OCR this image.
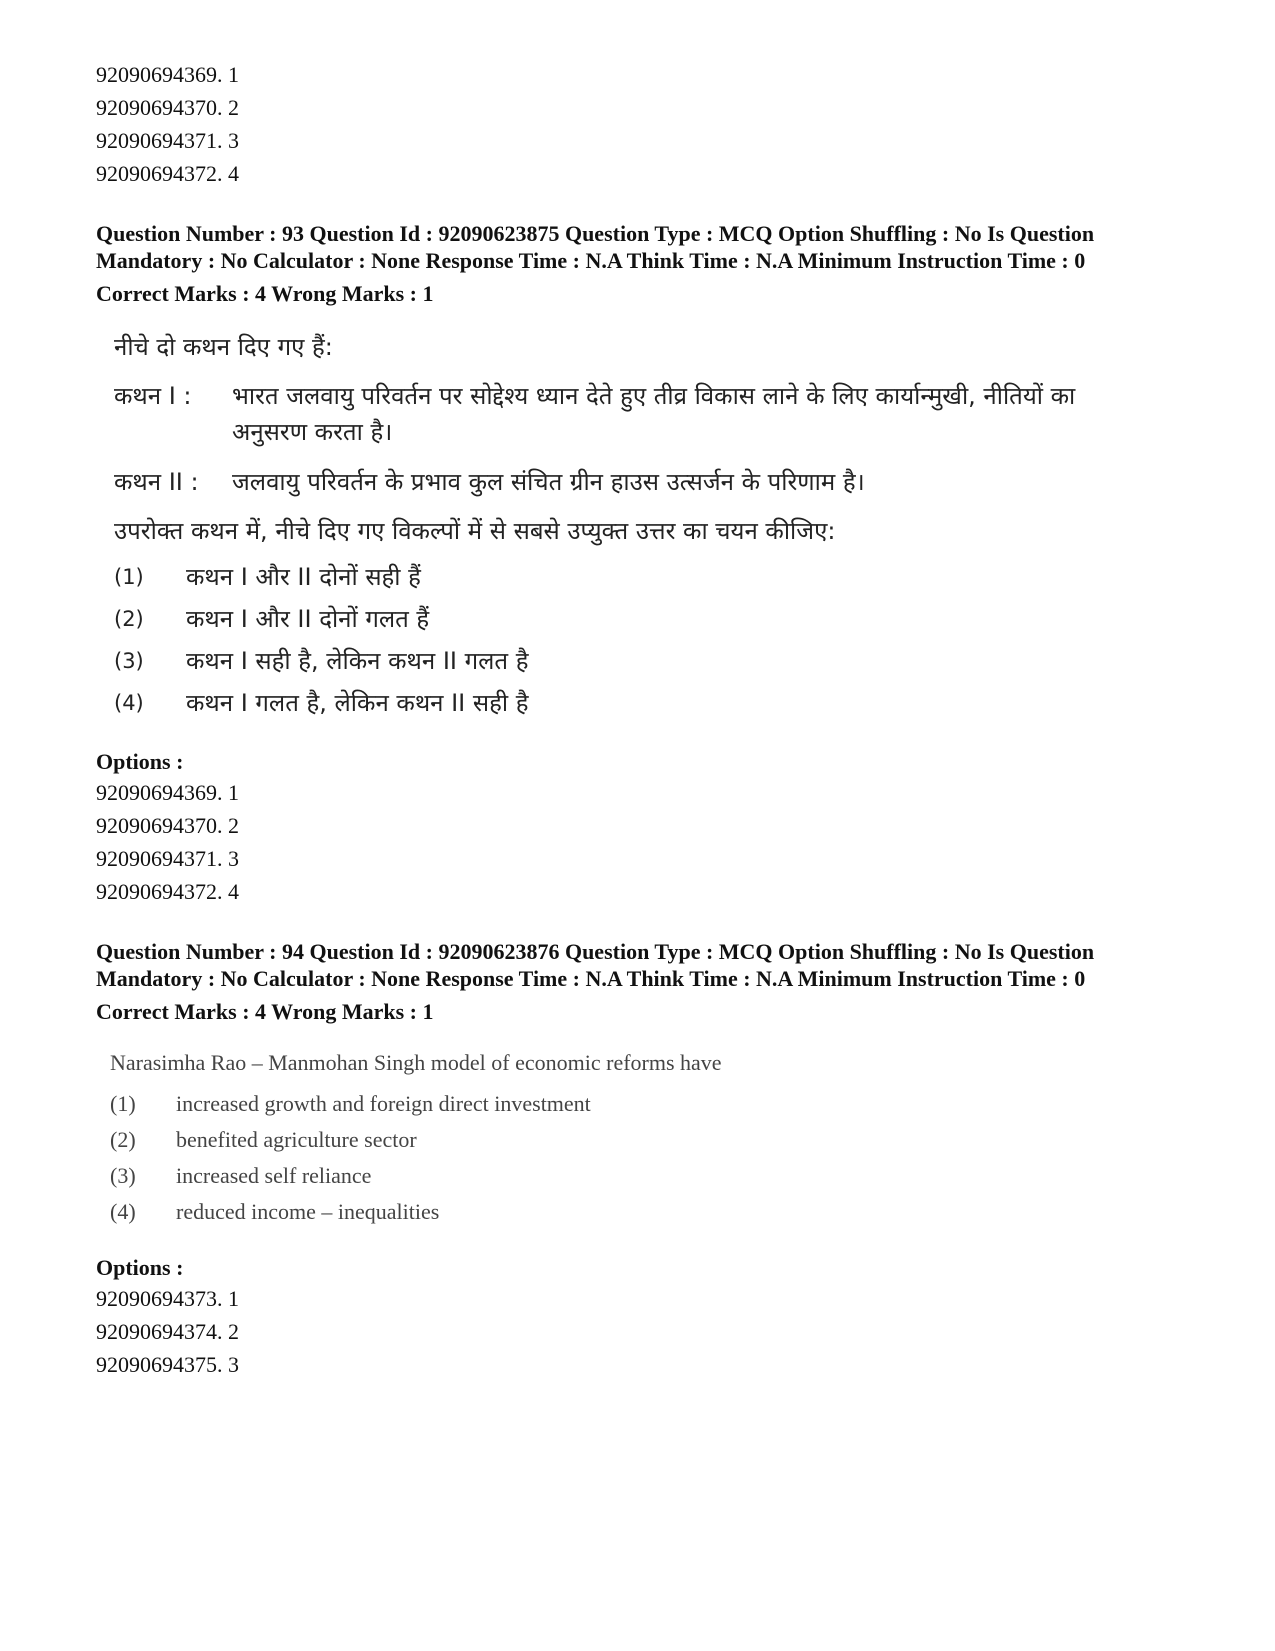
92090694369. 1
92090694370. 2
92090694371. 3
92090694372. 4
Question Number : 93 Question Id : 92090623875 Question Type : MCQ Option Shuffling : No Is Question Mandatory : No Calculator : None Response Time : N.A Think Time : N.A Minimum Instruction Time : 0
Correct Marks : 4 Wrong Marks : 1
नीचे दो कथन दिए गए हैं:
कथन I :	भारत जलवायु परिवर्तन पर सोद्देश्य ध्यान देते हुए तीव्र विकास लाने के लिए कार्यान्मुखी, नीतियों का अनुसरण करता है।
कथन II :	जलवायु परिवर्तन के प्रभाव कुल संचित ग्रीन हाउस उत्सर्जन के परिणाम है।
उपरोक्त कथन में, नीचे दिए गए विकल्पों में से सबसे उप्युक्त उत्तर का चयन कीजिए:
(1)	कथन I और II दोनों सही हैं
(2)	कथन I और II दोनों गलत हैं
(3)	कथन I सही है, लेकिन कथन II गलत है
(4)	कथन I गलत है, लेकिन कथन II सही है
Options :
92090694369. 1
92090694370. 2
92090694371. 3
92090694372. 4
Question Number : 94 Question Id : 92090623876 Question Type : MCQ Option Shuffling : No Is Question Mandatory : No Calculator : None Response Time : N.A Think Time : N.A Minimum Instruction Time : 0
Correct Marks : 4 Wrong Marks : 1
Narasimha Rao – Manmohan Singh model of economic reforms have
(1)	increased growth and foreign direct investment
(2)	benefited agriculture sector
(3)	increased self reliance
(4)	reduced income – inequalities
Options :
92090694373. 1
92090694374. 2
92090694375. 3
